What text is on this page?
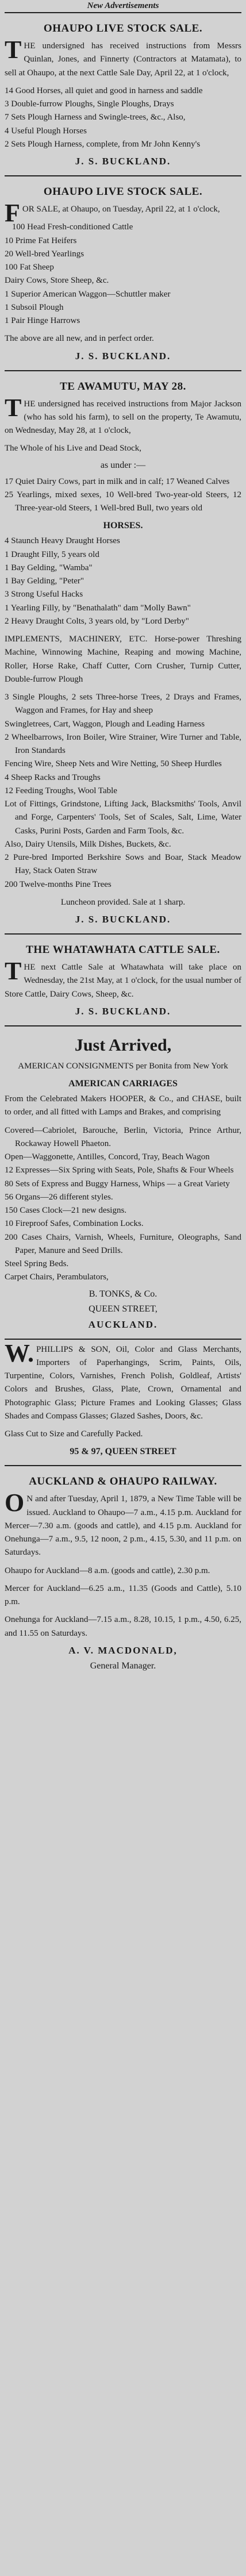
New Advertisements
OHAUPO LIVE STOCK SALE.

THE undersigned has received instructions from Messrs Quinlan, Jones, and Finnerty (Contractors at Matamata), to sell at Ohaupo, at the next Cattle Sale Day, April 22, at 1 o'clock,

14 Good Horses, all quiet and good in harness and saddle
3 Double-furrow Ploughs, Single Ploughs, Drays
7 Sets Plough Harness and Swingle-trees, &c., Also,
4 Useful Plough Horses
2 Sets Plough Harness, complete, from Mr John Kenny's
J. S. BUCKLAND.
OHAUPO LIVE STOCK SALE.

FOR SALE, at Ohaupo, on Tuesday, April 22, at 1 o'clock,

100 Head Fresh-conditioned Cattle
10 Prime Fat Heifers
20 Well-bred Yearlings
100 Fat Sheep
Dairy Cows, Store Sheep, &c.
1 Superior American Waggon—Schuttler maker
1 Subsoil Plough
1 Pair Hinge Harrows

The above are all new, and in perfect order.

J. S. BUCKLAND.
TE AWAMUTU, MAY 28.

THE undersigned has received instructions from Major Jackson (who has sold his farm), to sell on the property, Te Awamutu, on Wednesday, May 28, at 1 o'clock,

The Whole of his Live and Dead Stock,

as under :—
17 Quiet Dairy Cows, part in milk and in calf; 17 Weaned Calves
25 Yearlings, mixed sexes, 10 Well-bred Two-year-old Steers, 12 Three-year-old Steers, 1 Well-bred Bull, two years old
HORSES.
4 Staunch Heavy Draught Horses
1 Draught Filly, 5 years old
1 Bay Gelding, "Wamba"
1 Bay Gelding, "Peter"
3 Strong Useful Hacks
1 Yearling Filly, by "Benathalath" dam "Molly Bawn"
2 Heavy Draught Colts, 3 years old, by "Lord Derby"

IMPLEMENTS, MACHINERY, ETC. Horse-power Threshing Machine, Winnowing Machine, Reaping and mowing Machine, Roller, Horse Rake, Chaff Cutter, Corn Crusher, Turnip Cutter, Double-furrow Plough

3 Single Ploughs, 2 sets Three-horse Trees, 2 Drays and Frames, Waggon and Frames, for Hay and sheep
Swingletrees, Cart, Waggon, Plough and Leading Harness
2 Wheelbarrows, Iron Boiler, Wire Strainer, Wire Turner and Table, Iron Standards
Fencing Wire, Sheep Nets and Wire Netting, 50 Sheep Hurdles
4 Sheep Racks and Troughs
12 Feeding Troughs, Wool Table
Lot of Fittings, Grindstone, Lifting Jack, Blacksmiths' Tools, Anvil and Forge, Carpenters' Tools, Set of Scales, Salt, Lime, Water Casks, Purini Posts, Garden and Farm Tools, &c.
Also, Dairy Utensils, Milk Dishes, Buckets, &c.
2 Pure-bred Imported Berkshire Sows and Boar, Stack Meadow Hay, Stack Oaten Straw
200 Twelve-months Pine Trees

Luncheon provided. Sale at 1 sharp.

J. S. BUCKLAND.
THE WHATAWHATA CATTLE SALE.

THE next Cattle Sale at Whatawhata will take place on Wednesday, the 21st May, at 1 o'clock, for the usual number of Store Cattle, Dairy Cows, Sheep, &c.

J. S. BUCKLAND.
Just Arrived,

AMERICAN CONSIGNMENTS per Bonita from New York

AMERICAN CARRIAGES

From the Celebrated Makers HOOPER, & Co., and CHASE, built to order, and all fitted with Lamps and Brakes, and comprising

Covered—Cabriolet, Barouche, Berlin, Victoria, Prince Arthur, Rockaway Howell Phaeton.
Open—Waggonette, Antilles, Concord, Tray, Beach Wagon
12 Expresses—Six Spring with Seats, Pole, Shafts & Four Wheels
80 Sets of Express and Buggy Harness, Whips — a Great Variety
56 Organs—26 different styles.
150 Cases Clock—21 new designs.
10 Fireproof Safes, Combination Locks.
200 Cases Chairs, Varnish, Wheels, Furniture, Oleographs, Sand Paper, Manure and Seed Drills.
Steel Spring Beds.
Carpet Chairs, Perambulators,
B. TONKS, & Co.
QUEEN STREET,
AUCKLAND.

W.PHILLIPS & SON, Oil, Color and Glass Merchants, Importers of Paperhangings, Scrim, Paints, Oils, Turpentine, Colors, Varnishes, French Polish, Goldleaf, Artists' Colors and Brushes, Glass, Plate, Crown, Ornamental and Photographic Glass; Picture Frames and Looking Glasses; Glass Shades and Compass Glasses; Glazed Sashes, Doors, &c.

Glass Cut to Size and Carefully Packed.

95 & 97, QUEEN STREET
AUCKLAND & OHAUPO RAILWAY.

ON and after Tuesday, April 1, 1879, a New Time Table will be issued. Auckland to Ohaupo—7 a.m., 4.15 p.m. Auckland for Mercer—7.30 a.m. (goods and cattle), and 4.15 p.m. Auckland for Onehunga—7 a.m., 9.5, 12 noon, 2 p.m., 4.15, 5.30, and 11 p.m. on Saturdays.

Ohaupo for Auckland—8 a.m. (goods and cattle), 2.30 p.m.

Mercer for Auckland—6.25 a.m., 11.35 (Goods and Cattle), 5.10 p.m.

Onehunga for Auckland—7.15 a.m., 8.28, 10.15, 1 p.m., 4.50, 6.25, and 11.55 on Saturdays.

A. V. MACDONALD,
General Manager.
